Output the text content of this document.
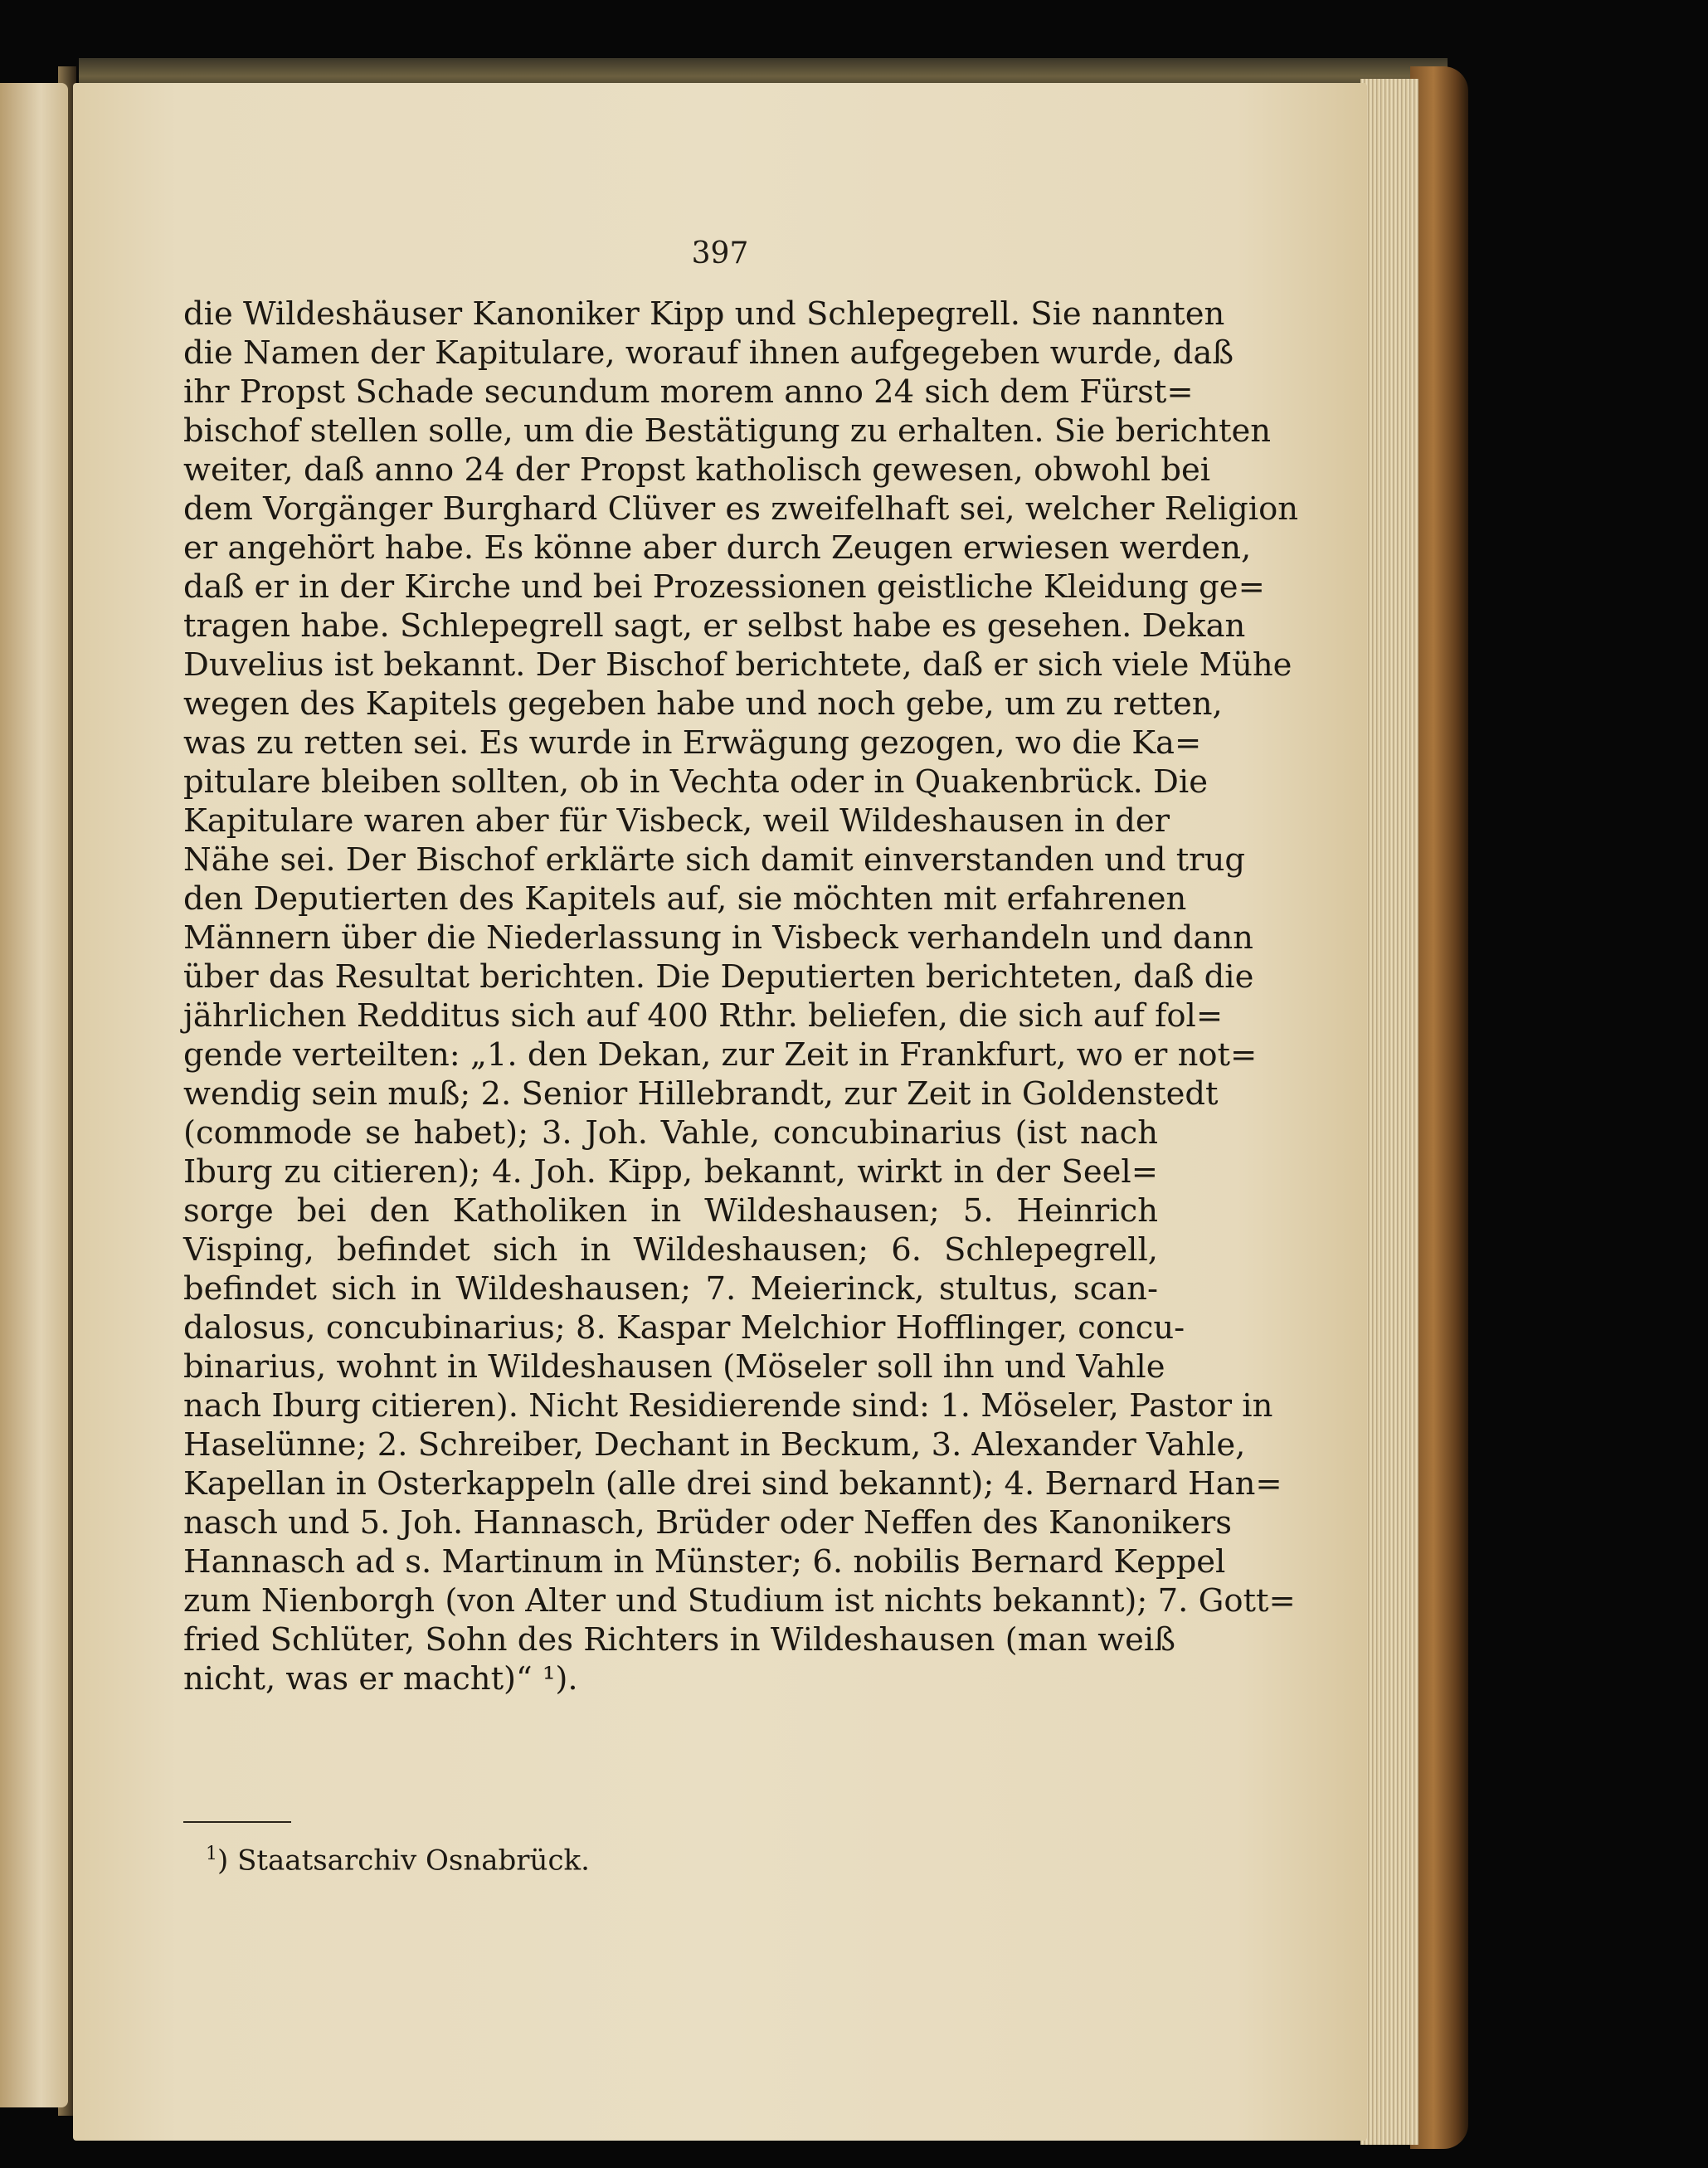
397
die Wildeshäuser Kanoniker Kipp und Schlepegrell. Sie nannten
die Namen der Kapitulare, worauf ihnen aufgegeben wurde, daß
ihr Propst Schade secundum morem anno 24 sich dem Fürst=
bischof stellen solle, um die Bestätigung zu erhalten. Sie berichten
weiter, daß anno 24 der Propst katholisch gewesen, obwohl bei
dem Vorgänger Burghard Clüver es zweifelhaft sei, welcher Religion
er angehört habe. Es könne aber durch Zeugen erwiesen werden,
daß er in der Kirche und bei Prozessionen geistliche Kleidung ge=
tragen habe. Schlepegrell sagt, er selbst habe es gesehen. Dekan
Duvelius ist bekannt. Der Bischof berichtete, daß er sich viele Mühe
wegen des Kapitels gegeben habe und noch gebe, um zu retten,
was zu retten sei. Es wurde in Erwägung gezogen, wo die Ka=
pitulare bleiben sollten, ob in Vechta oder in Quakenbrück. Die
Kapitulare waren aber für Visbeck, weil Wildeshausen in der
Nähe sei. Der Bischof erklärte sich damit einverstanden und trug
den Deputierten des Kapitels auf, sie möchten mit erfahrenen
Männern über die Niederlassung in Visbeck verhandeln und dann
über das Resultat berichten. Die Deputierten berichteten, daß die
jährlichen Redditus sich auf 400 Rthr. beliefen, die sich auf fol=
gende verteilten: „1. den Dekan, zur Zeit in Frankfurt, wo er not=
wendig sein muß; 2. Senior Hillebrandt, zur Zeit in Goldenstedt
(commode se habet); 3. Joh. Vahle, concubinarius (ist nach
Iburg zu citieren); 4. Joh. Kipp, bekannt, wirkt in der Seel=
sorge bei den Katholiken in Wildeshausen; 5. Heinrich
Visping, befindet sich in Wildeshausen; 6. Schlepegrell,
befindet sich in Wildeshausen; 7. Meierinck, stultus, scan-
dalosus, concubinarius; 8. Kaspar Melchior Hofflinger, concu-
binarius, wohnt in Wildeshausen (Möseler soll ihn und Vahle
nach Iburg citieren). Nicht Residierende sind: 1. Möseler, Pastor in
Haselünne; 2. Schreiber, Dechant in Beckum, 3. Alexander Vahle,
Kapellan in Osterkappeln (alle drei sind bekannt); 4. Bernard Han=
nasch und 5. Joh. Hannasch, Brüder oder Neffen des Kanonikers
Hannasch ad s. Martinum in Münster; 6. nobilis Bernard Keppel
zum Nienborgh (von Alter und Studium ist nichts bekannt); 7. Gott=
fried Schlüter, Sohn des Richters in Wildeshausen (man weiß
nicht, was er macht)“ ¹).
$^1$) Staatsarchiv Osnabrück.
